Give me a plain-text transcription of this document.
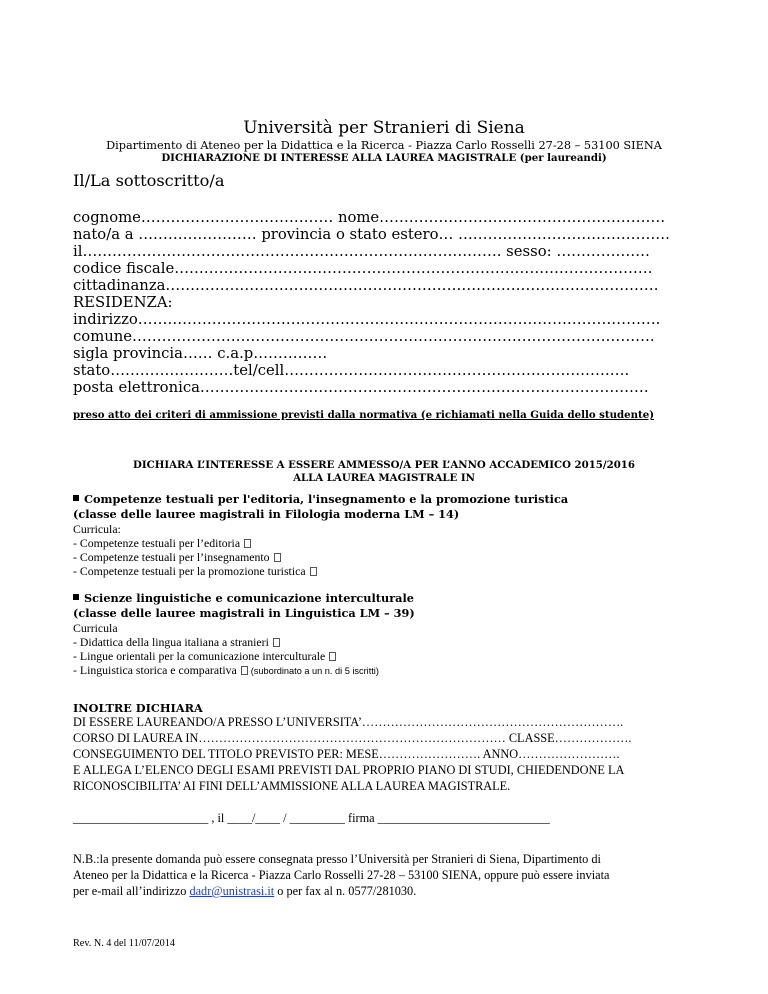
Università per Stranieri di Siena
Dipartimento di Ateneo per la Didattica e la Ricerca - Piazza Carlo Rosselli 27-28 – 53100 SIENA
DICHIARAZIONE DI INTERESSE ALLA LAUREA MAGISTRALE (per laureandi)
Il/La sottoscritto/a
cognome………………………………… nome………………………………………………….
nato/a a …………………… provincia o stato estero… …………………………………….
il…………………………………………………………………………. sesso: ……………….
codice fiscale…………………………………………………………………………………….
cittadinanza……………………………………………………………………………………….
RESIDENZA:
indirizzo…………………………………………………………………………………………….
comune…………………………………………………………………………………………….
sigla provincia…… c.a.p……………
stato…………………….tel/cell…………………………………………………………….
posta elettronica……………………………………………………………………………….
preso atto dei criteri di ammissione previsti dalla normativa (e richiamati nella Guida dello studente)
DICHIARA L’INTERESSE A ESSERE AMMESSO/A PER L’ANNO ACCADEMICO 2015/2016
ALLA LAUREA MAGISTRALE IN
Competenze testuali per l'editoria, l'insegnamento e la promozione turistica
(classe delle lauree magistrali in Filologia moderna LM – 14)
Curricula:
- Competenze testuali per l’editoria
- Competenze testuali per l’insegnamento
- Competenze testuali per la promozione turistica
Scienze linguistiche e comunicazione interculturale
(classe delle lauree magistrali in Linguistica LM – 39)
Curricula
- Didattica della lingua italiana a stranieri
- Lingue orientali per la comunicazione interculturale
- Linguistica storica e comparativa (subordinato a un n. di 5 iscritti)
INOLTRE DICHIARA
DI ESSERE LAUREANDO/A PRESSO L’UNIVERSITA’……………………………………………………….
CORSO DI LAUREA IN………………………………………………………………… CLASSE……………….
CONSEGUIMENTO DEL TITOLO PREVISTO PER: MESE……………………. ANNO…………………….
E ALLEGA L’ELENCO DEGLI ESAMI PREVISTI DAL PROPRIO PIANO DI STUDI, CHIEDENDONE LA
RICONOSCIBILITA’ AI FINI DELL’AMMISSIONE ALLA LAUREA MAGISTRALE.
______________________ , il ____/____ / _________ firma ____________________________
N.B.:la presente domanda può essere consegnata presso l’Università per Stranieri di Siena, Dipartimento di
Ateneo per la Didattica e la Ricerca - Piazza Carlo Rosselli 27-28 – 53100 SIENA, oppure può essere inviata
per e-mail all’indirizzo dadr@unistrasi.it o per fax al n. 0577/281030.
Rev. N. 4 del 11/07/2014
